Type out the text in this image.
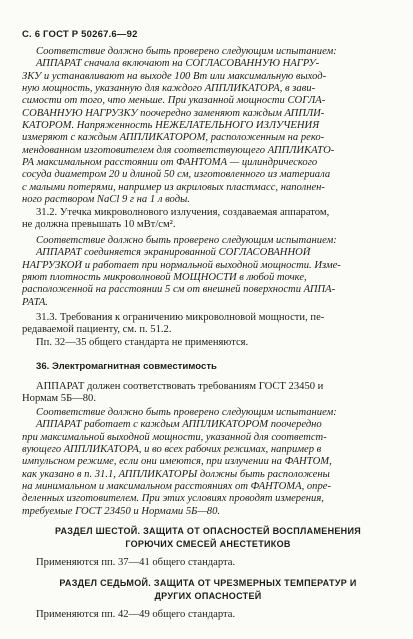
С. 6 ГОСТ Р 50267.6—92
Соответствие должно быть проверено следующим испытанием:
АППАРАТ сначала включают на СОГЛАСОВАННУЮ НАГРУ-
ЗКУ и устанавливают на выходе 100 Вт или максимальную выход-
ную мощность, указанную для каждого АППЛИКАТОРА, в зави-
симости от того, что меньше. При указанной мощности СОГЛА-
СОВАННУЮ НАГРУЗКУ поочередно заменяют каждым АППЛИ-
КАТОРОМ. Напряженность НЕЖЕЛАТЕЛЬНОГО ИЗЛУЧЕНИЯ
измеряют с каждым АППЛИКАТОРОМ, расположенным на реко-
мендованном изготовителем для соответствующего АППЛИКАТО-
РА максимальном расстоянии от ФАНТОМА — цилиндрического
сосуда диаметром 20 и длиной 50 см, изготовленного из материала
с малыми потерями, например из акриловых пластмасс, наполнен-
ного раствором NaCl 9 г на 1 л воды.
31.2. Утечка микроволнового излучения, создаваемая аппаратом,
не должна превышать 10 мВт/см².
Соответствие должно быть проверено следующим испытанием:
АППАРАТ соединяется экранированной СОГЛАСОВАННОЙ
НАГРУЗКОЙ и работает при нормальной выходной мощности. Изме-
ряют плотность микроволновой МОЩНОСТИ в любой точке,
расположенной на расстоянии 5 см от внешней поверхности АППА-
РАТА.
31.3. Требования к ограничению микроволновой мощности, пе-
редаваемой пациенту, см. п. 51.2.
Пп. 32—35 общего стандарта не применяются.
36. Электромагнитная совместимость
АППАРАТ должен соответствовать требованиям ГОСТ 23450 и
Нормам 5Б—80.
Соответствие должно быть проверено следующим испытанием:
АППАРАТ работает с каждым АППЛИКАТОРОМ поочередно
при максимальной выходной мощности, указанной для соответст-
вующего АППЛИКАТОРА, и во всех рабочих режимах, например в
импульсном режиме, если они имеются, при излучении на ФАНТОМ,
как указано в п. 31.1, АППЛИКАТОРЫ должны быть расположены
на минимальном и максимальном расстояниях от ФАНТОМА, опре-
деленных изготовителем. При этих условиях проводят измерения,
требуемые ГОСТ 23450 и Нормами 5Б—80.
РАЗДЕЛ ШЕСТОЙ. ЗАЩИТА ОТ ОПАСНОСТЕЙ ВОСПЛАМЕНЕНИЯ
ГОРЮЧИХ СМЕСЕЙ АНЕСТЕТИКОВ
Применяются пп. 37—41 общего стандарта.
РАЗДЕЛ СЕДЬМОЙ. ЗАЩИТА ОТ ЧРЕЗМЕРНЫХ ТЕМПЕРАТУР И
ДРУГИХ ОПАСНОСТЕЙ
Применяются пп. 42—49 общего стандарта.
